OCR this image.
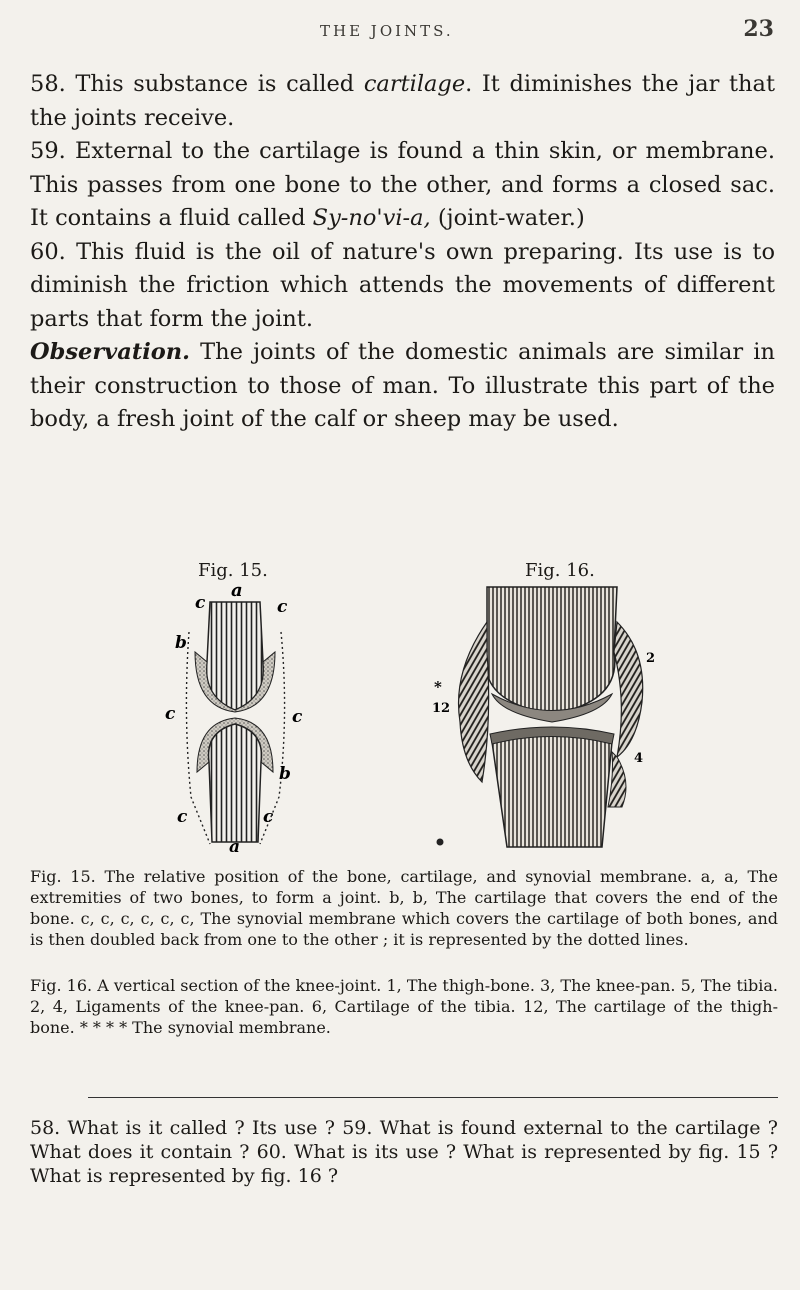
THE JOINTS.	23

58. This substance is called cartilage. It diminishes the jar that the joints receive.

59. External to the cartilage is found a thin skin, or membrane. This passes from one bone to the other, and forms a closed sac. It contains a fluid called Sy-no'vi-a, (joint-water.)

60. This fluid is the oil of nature's own preparing. Its use is to diminish the friction which attends the movements of different parts that form the joint.

Observation. The joints of the domestic animals are similar in their construction to those of man. To illustrate this part of the body, a fresh joint of the calf or sheep may be used.

Fig. 15.	Fig. 16.
a
c	c
b
c	c
b
c	c
a
*
12
2
4
Fig. 15. The relative position of the bone, cartilage, and synovial membrane. a, a, The extremities of two bones, to form a joint. b, b, The cartilage that covers the end of the bone. c, c, c, c, c, c, The synovial membrane which covers the cartilage of both bones, and is then doubled back from one to the other ; it is represented by the dotted lines.
Fig. 16. A vertical section of the knee-joint. 1, The thigh-bone. 3, The knee-pan. 5, The tibia. 2, 4, Ligaments of the knee-pan. 6, Cartilage of the tibia. 12, The cartilage of the thigh-bone. * * * * The synovial membrane.
58. What is it called ? Its use ? 59. What is found external to the cartilage ? What does it contain ? 60. What is its use ? What is represented by fig. 15 ? What is represented by fig. 16 ?
